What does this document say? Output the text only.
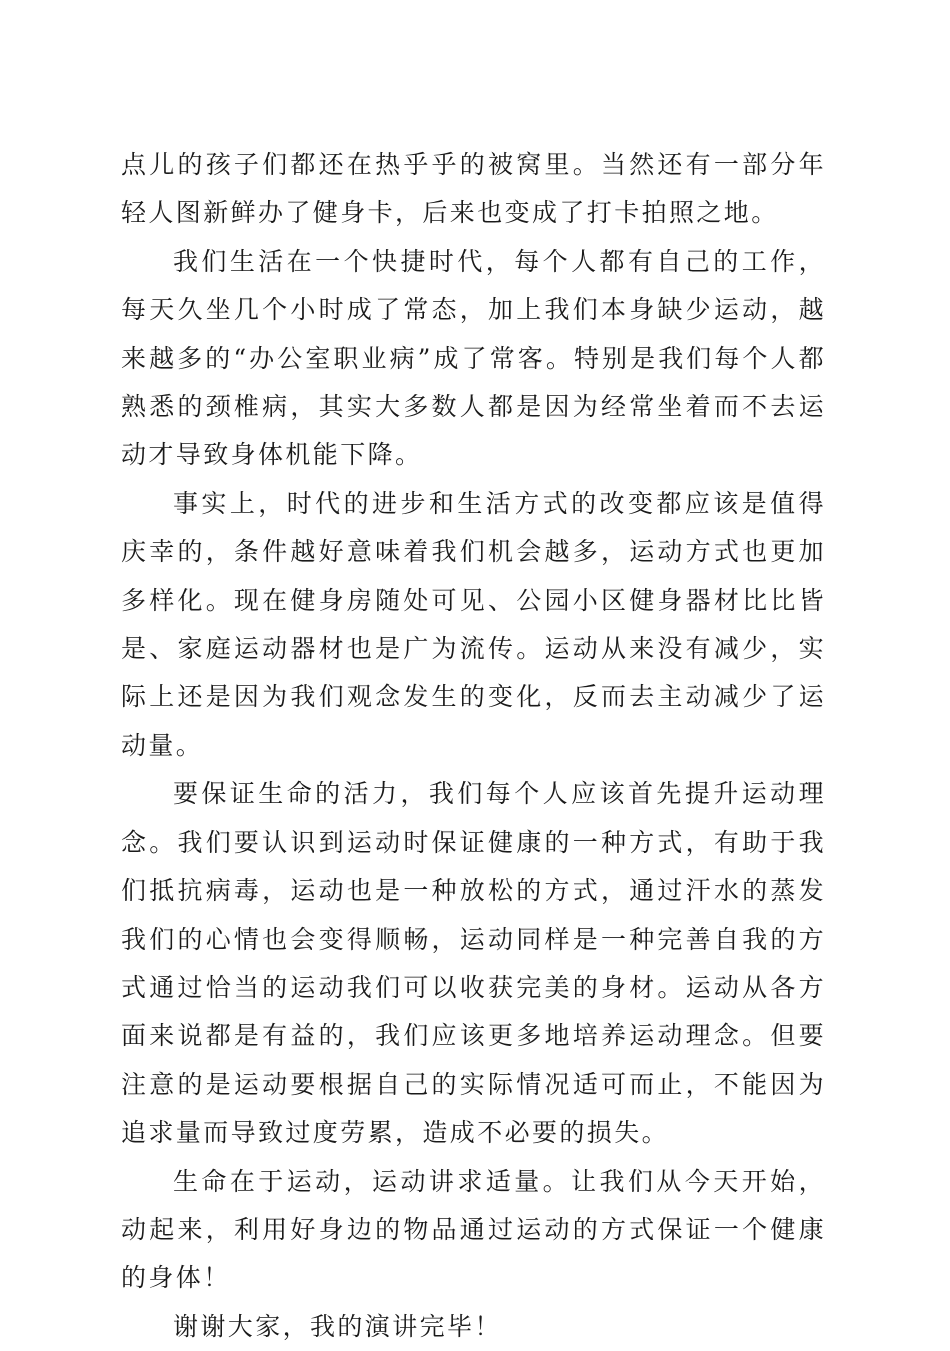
点儿的孩子们都还在热乎乎的被窝里。当然还有一部分年轻人图新鲜办了健身卡，后来也变成了打卡拍照之地。

我们生活在一个快捷时代，每个人都有自己的工作，每天久坐几个小时成了常态，加上我们本身缺少运动，越来越多的“办公室职业病”成了常客。特别是我们每个人都熟悉的颈椎病，其实大多数人都是因为经常坐着而不去运动才导致身体机能下降。

事实上，时代的进步和生活方式的改变都应该是值得庆幸的，条件越好意味着我们机会越多，运动方式也更加多样化。现在健身房随处可见、公园小区健身器材比比皆是、家庭运动器材也是广为流传。运动从来没有减少，实际上还是因为我们观念发生的变化，反而去主动减少了运动量。

要保证生命的活力，我们每个人应该首先提升运动理念。我们要认识到运动时保证健康的一种方式，有助于我们抵抗病毒，运动也是一种放松的方式，通过汗水的蒸发我们的心情也会变得顺畅，运动同样是一种完善自我的方式通过恰当的运动我们可以收获完美的身材。运动从各方面来说都是有益的，我们应该更多地培养运动理念。但要注意的是运动要根据自己的实际情况适可而止，不能因为追求量而导致过度劳累，造成不必要的损失。

生命在于运动，运动讲求适量。让我们从今天开始，动起来，利用好身边的物品通过运动的方式保证一个健康的身体！

谢谢大家，我的演讲完毕！
